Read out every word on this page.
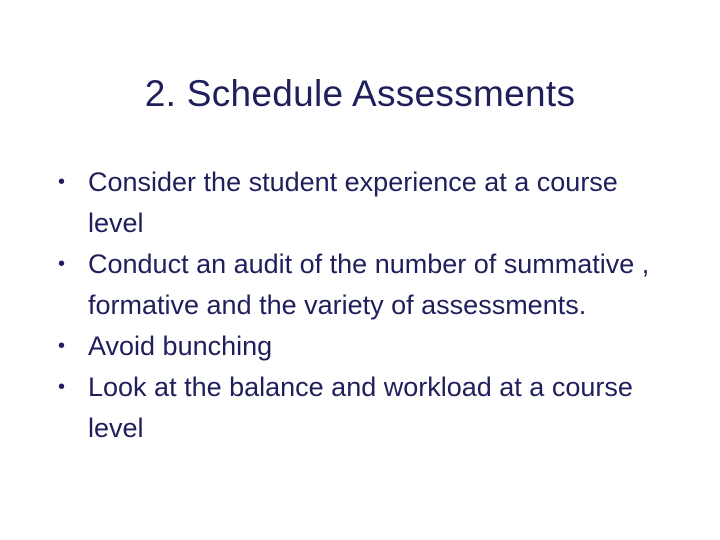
2. Schedule Assessments
• Consider the student experience at a course level
• Conduct an audit of the number of summative , formative and the variety of assessments.
• Avoid bunching
• Look at the balance and workload at a course level
